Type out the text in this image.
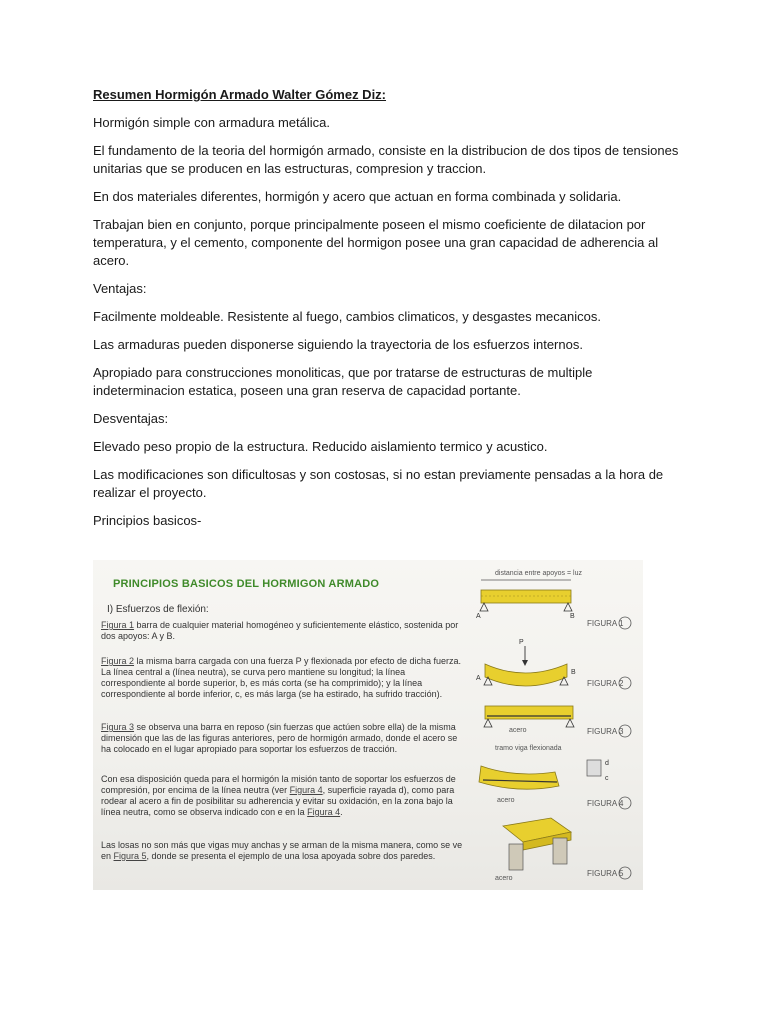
Resumen Hormigón Armado Walter Gómez Diz:

Hormigón simple con armadura metálica.

El fundamento de la teoria del hormigón armado, consiste en la distribucion de dos tipos de tensiones unitarias que se producen en las estructuras, compresion y traccion.

En dos materiales diferentes, hormigón y acero que actuan en forma combinada y solidaria.

Trabajan bien en conjunto, porque principalmente poseen el mismo coeficiente de dilatacion por temperatura, y el cemento, componente del hormigon posee una gran capacidad de adherencia al acero.

Ventajas:

Facilmente moldeable. Resistente al fuego, cambios climaticos, y desgastes mecanicos.

Las armaduras pueden disponerse siguiendo la trayectoria de los esfuerzos internos.

Apropiado para construcciones monoliticas, que por tratarse de estructuras de multiple indeterminacion estatica, poseen una gran reserva de capacidad portante.

Desventajas:

Elevado peso propio de la estructura. Reducido aislamiento termico y acustico.

Las modificaciones son dificultosas y son costosas, si no estan previamente pensadas a la hora de realizar el proyecto.

Principios basicos-

PRINCIPIOS BASICOS DEL HORMIGON ARMADO
I) Esfuerzos de flexión:
Figura 1 barra de cualquier material homogéneo y suficientemente elástico, sostenida por dos apoyos: A y B.
Figura 2 la misma barra cargada con una fuerza P y flexionada por efecto de dicha fuerza. La línea central a (línea neutra), se curva pero mantiene su longitud; la línea correspondiente al borde superior, b, es más corta (se ha comprimido); y la línea correspondiente al borde inferior, c, es más larga (se ha estirado, ha sufrido tracción).
Figura 3 se observa una barra en reposo (sin fuerzas que actúen sobre ella) de la misma dimensión que las de las figuras anteriores, pero de hormigón armado, donde el acero se ha colocado en el lugar apropiado para soportar los esfuerzos de tracción.
Con esa disposición queda para el hormigón la misión tanto de soportar los esfuerzos de compresión, por encima de la línea neutra (ver Figura 4, superficie rayada d), como para rodear al acero a fin de posibilitar su adherencia y evitar su oxidación, en la zona bajo la línea neutra, como se observa indicado con e en la Figura 4.
Las losas no son más que vigas muy anchas y se arman de la misma manera, como se ve en Figura 5, donde se presenta el ejemplo de una losa apoyada sobre dos paredes.
distancia entre apoyos = luz
A	B
FIGURA 1
P
A
B
FIGURA 2
acero	FIGURA 3
tramo viga flexionada
d
c
acero	FIGURA 4
acero
FIGURA 5
